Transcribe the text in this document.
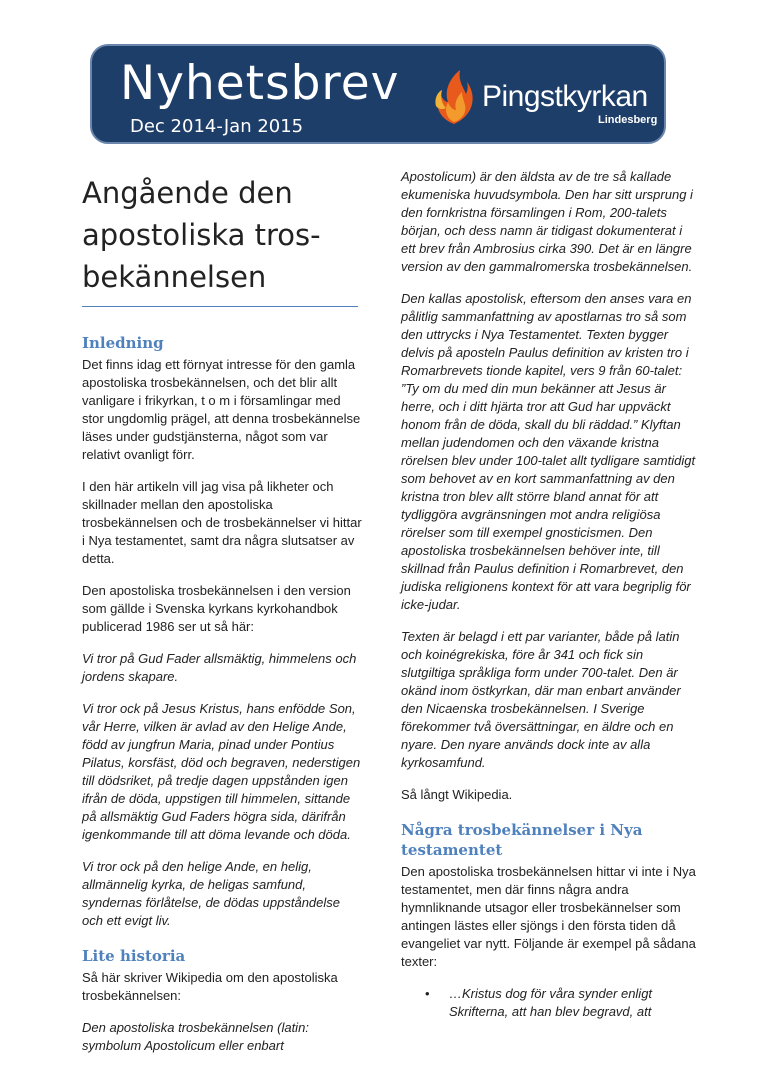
Nyhetsbrev
Dec 2014-Jan 2015
Pingstkyrkan
Lindesberg
Angående den apostoliska tros-bekännelsen
Inledning

Det finns idag ett förnyat intresse för den gamla apostoliska trosbekännelsen, och det blir allt vanligare i frikyrkan, t o m i församlingar med stor ungdomlig prägel, att denna trosbekännelse läses under gudstjänsterna, något som var relativt ovanligt förr.

I den här artikeln vill jag visa på likheter och skillnader mellan den apostoliska trosbekännelsen och de trosbekännelser vi hittar i Nya testamentet, samt dra några slutsatser av detta.

Den apostoliska trosbekännelsen i den version som gällde i Svenska kyrkans kyrkohandbok publicerad 1986 ser ut så här:

Vi tror på Gud Fader allsmäktig, himmelens och jordens skapare.

Vi tror ock på Jesus Kristus, hans enfödde Son, vår Herre, vilken är avlad av den Helige Ande, född av jungfrun Maria, pinad under Pontius Pilatus, korsfäst, död och begraven, nederstigen till dödsriket, på tredje dagen uppstånden igen ifrån de döda, uppstigen till himmelen, sittande på allsmäktig Gud Faders högra sida, därifrån igenkommande till att döma levande och döda.

Vi tror ock på den helige Ande, en helig, allmännelig kyrka, de heligas samfund, syndernas förlåtelse, de dödas uppståndelse och ett evigt liv.

Lite historia

Så här skriver Wikipedia om den apostoliska trosbekännelsen:

Den apostoliska trosbekännelsen (latin: symbolum Apostolicum eller enbart

Apostolicum) är den äldsta av de tre så kallade ekumeniska huvudsymbola. Den har sitt ursprung i den fornkristna församlingen i Rom, 200-talets början, och dess namn är tidigast dokumenterat i ett brev från Ambrosius cirka 390. Det är en längre version av den gammalromerska trosbekännelsen.

Den kallas apostolisk, eftersom den anses vara en pålitlig sammanfattning av apostlarnas tro så som den uttrycks i Nya Testamentet. Texten bygger delvis på aposteln Paulus definition av kristen tro i Romarbrevets tionde kapitel, vers 9 från 60-talet: ”Ty om du med din mun bekänner att Jesus är herre, och i ditt hjärta tror att Gud har uppväckt honom från de döda, skall du bli räddad.” Klyftan mellan judendomen och den växande kristna rörelsen blev under 100-talet allt tydligare samtidigt som behovet av en kort sammanfattning av den kristna tron blev allt större bland annat för att tydliggöra avgränsningen mot andra religiösa rörelser som till exempel gnosticismen. Den apostoliska trosbekännelsen behöver inte, till skillnad från Paulus definition i Romarbrevet, den judiska religionens kontext för att vara begriplig för icke-judar.

Texten är belagd i ett par varianter, både på latin och koinégrekiska, före år 341 och fick sin slutgiltiga språkliga form under 700-talet. Den är okänd inom östkyrkan, där man enbart använder den Nicaenska trosbekännelsen. I Sverige förekommer två översättningar, en äldre och en nyare. Den nyare används dock inte av alla kyrkosamfund.

Så långt Wikipedia.

Några trosbekännelser i Nya testamentet

Den apostoliska trosbekännelsen hittar vi inte i Nya testamentet, men där finns några andra hymnliknande utsagor eller trosbekännelser som antingen lästes eller sjöngs i den första tiden då evangeliet var nytt. Följande är exempel på sådana texter:

• …Kristus dog för våra synder enligt Skrifterna, att han blev begravd, att
